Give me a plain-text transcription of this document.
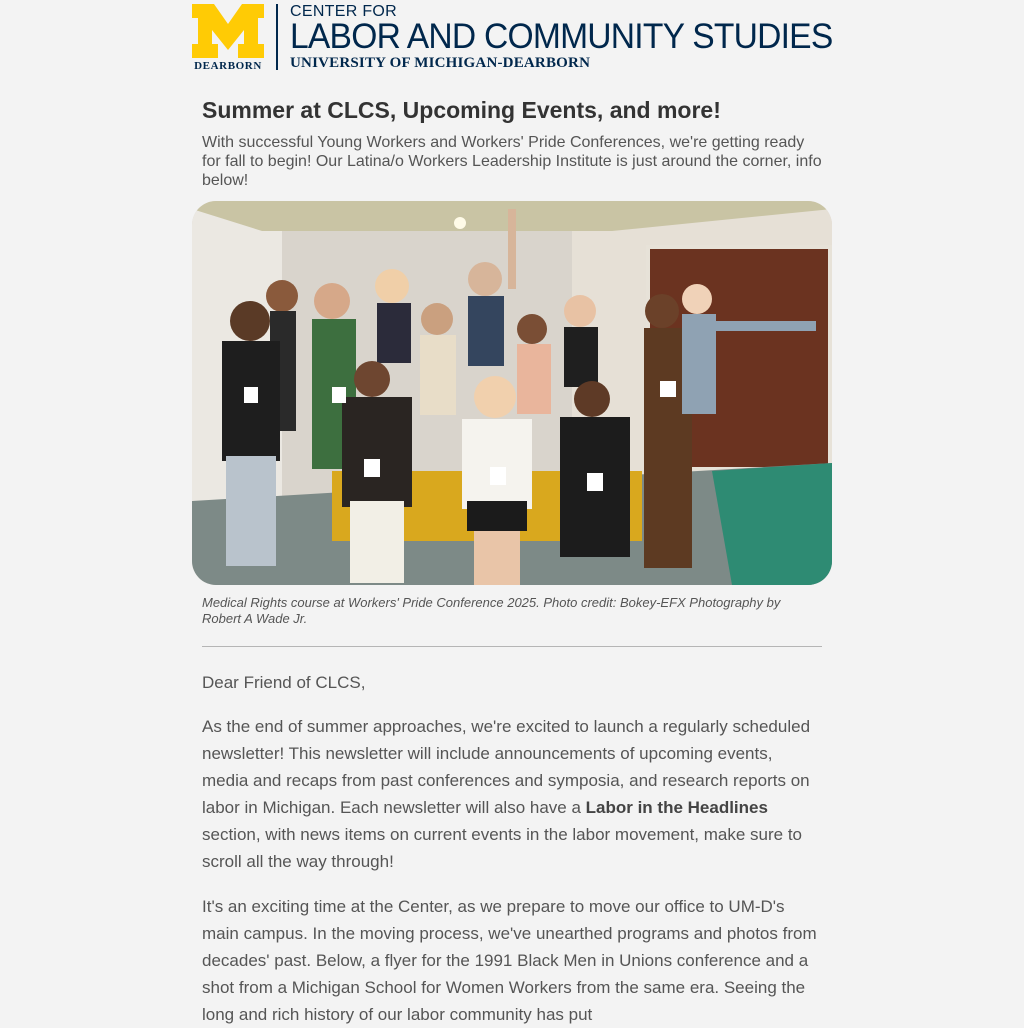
DEARBORN
CENTER FOR
LABOR AND COMMUNITY STUDIES
UNIVERSITY OF MICHIGAN-DEARBORN
Summer at CLCS, Upcoming Events, and more!

With successful Young Workers and Workers' Pride Conferences, we're getting ready for fall to begin! Our Latina/o Workers Leadership Institute is just around the corner, info below!

Medical Rights course at Workers' Pride Conference 2025. Photo credit: Bokey-EFX Photography by Robert A Wade Jr.

Dear Friend of CLCS,

As the end of summer approaches, we're excited to launch a regularly scheduled newsletter! This newsletter will include announcements of upcoming events, media and recaps from past conferences and symposia, and research reports on labor in Michigan. Each newsletter will also have a Labor in the Headlines section, with news items on current events in the labor movement, make sure to scroll all the way through!

It's an exciting time at the Center, as we prepare to move our office to UM-D's main campus. In the moving process, we've unearthed programs and photos from decades' past. Below, a flyer for the 1991 Black Men in Unions conference and a shot from a Michigan School for Women Workers from the same era. Seeing the long and rich history of our labor community has put
